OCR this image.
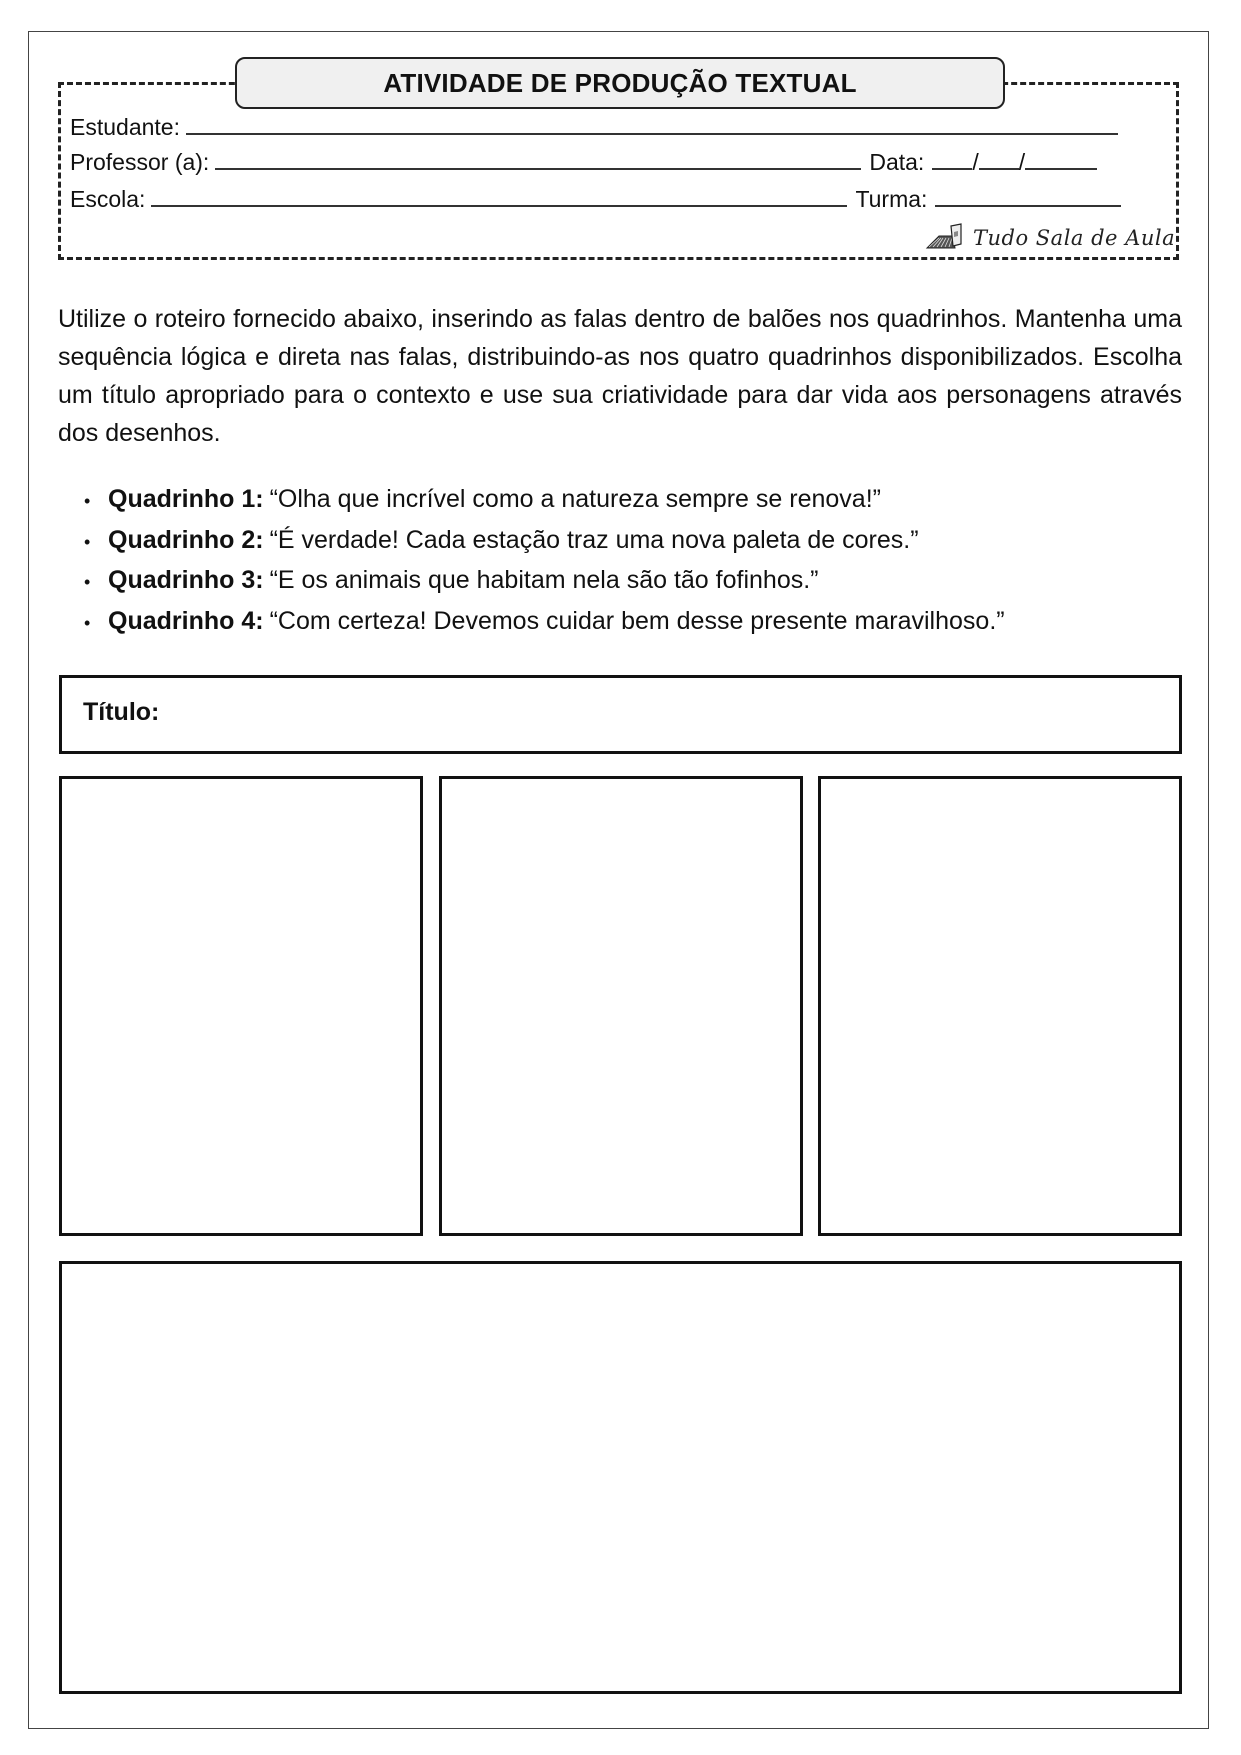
ATIVIDADE DE PRODUÇÃO TEXTUAL
Estudante:
Professor (a):	Data: / /
Escola:	Turma:
Tudo Sala de Aula

Utilize o roteiro fornecido abaixo, inserindo as falas dentro de balões nos quadrinhos. Mantenha uma sequência lógica e direta nas falas, distribuindo-as nos quatro quadrinhos disponibilizados. Escolha um título apropriado para o contexto e use sua criatividade para dar vida aos personagens através dos desenhos.

• Quadrinho 1: “Olha que incrível como a natureza sempre se renova!”
• Quadrinho 2: “É verdade! Cada estação traz uma nova paleta de cores.”
• Quadrinho 3: “E os animais que habitam nela são tão fofinhos.”
• Quadrinho 4: “Com certeza! Devemos cuidar bem desse presente maravilhoso.”
Título:
